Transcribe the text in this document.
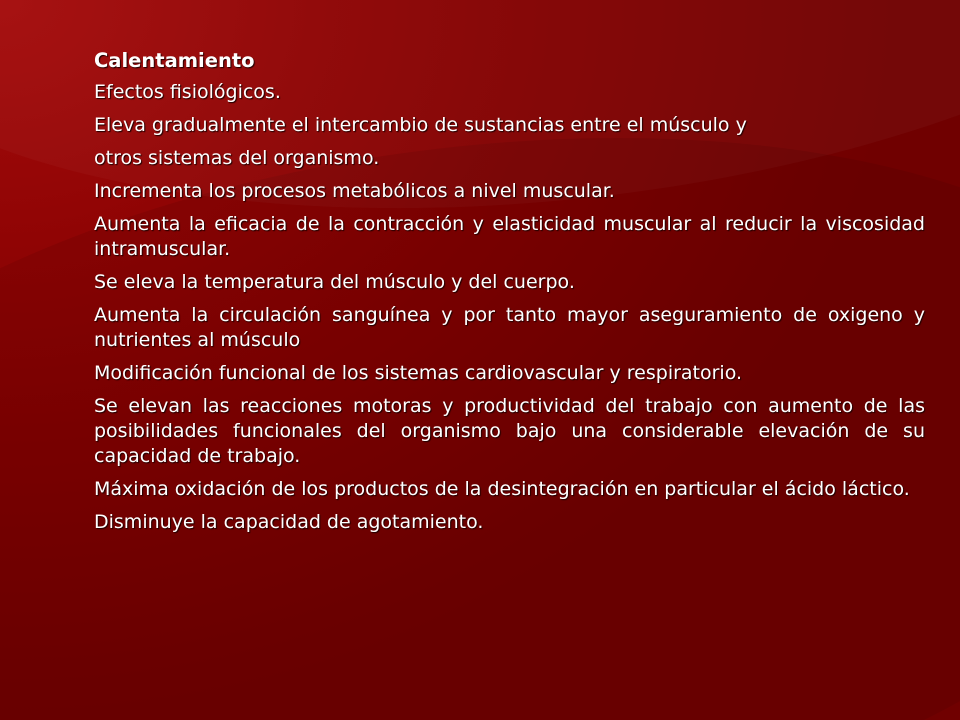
Calentamiento
Efectos fisiológicos.
Eleva gradualmente el intercambio de sustancias entre el músculo y
otros sistemas del organismo.
Incrementa los procesos metabólicos a nivel muscular.
Aumenta la eficacia de la contracción y elasticidad muscular al reducir la viscosidad intramuscular.
Se eleva la temperatura del músculo y del cuerpo.
Aumenta la circulación sanguínea y por tanto mayor aseguramiento de oxigeno y nutrientes al músculo
Modificación funcional de los sistemas cardiovascular y respiratorio.
Se elevan las reacciones motoras y productividad del trabajo con aumento de las posibilidades funcionales del organismo bajo una considerable elevación de su capacidad de trabajo.
Máxima oxidación de los productos de la desintegración en particular el ácido láctico.
Disminuye la capacidad de agotamiento.
